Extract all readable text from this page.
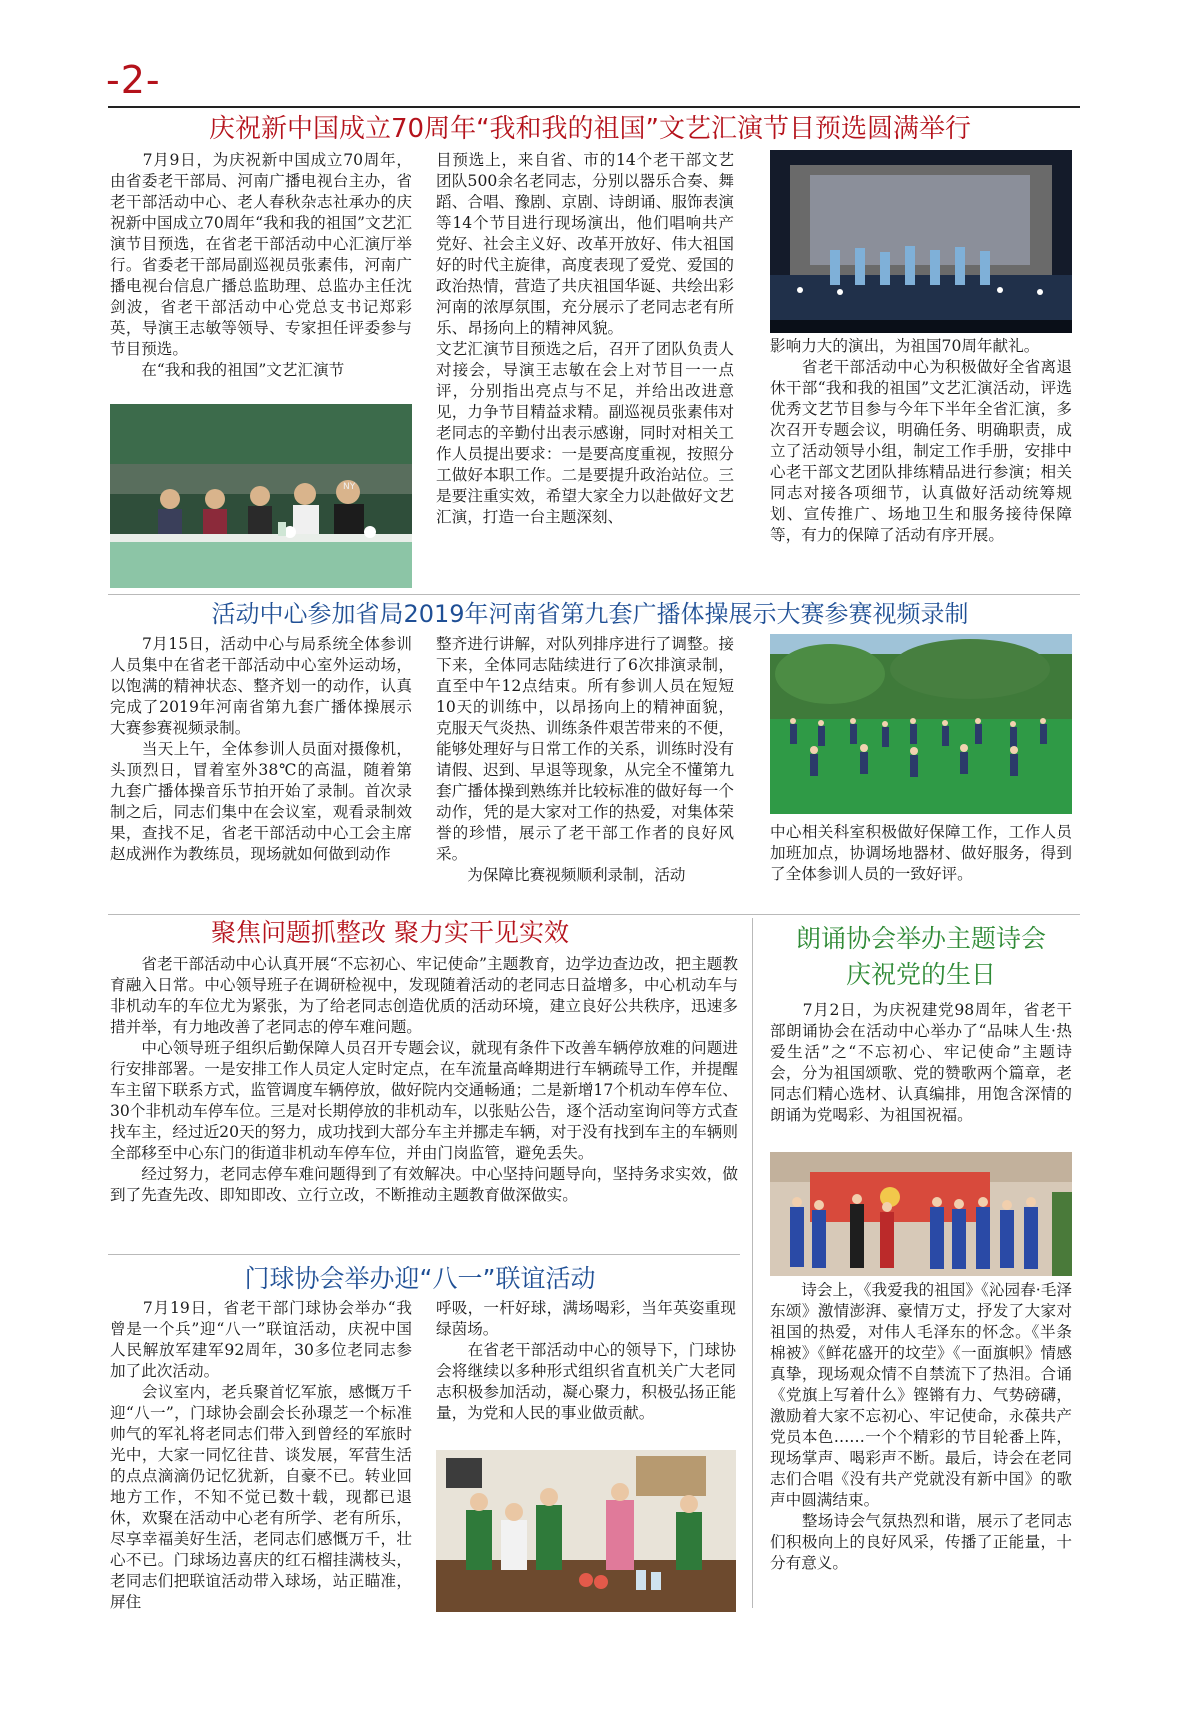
-2-
庆祝新中国成立70周年“我和我的祖国”文艺汇演节目预选圆满举行
　　7月9日，为庆祝新中国成立70周年，由省委老干部局、河南广播电视台主办，省老干部活动中心、老人春秋杂志社承办的庆祝新中国成立70周年“我和我的祖国”文艺汇演节目预选，在省老干部活动中心汇演厅举行。省委老干部局副巡视员张素伟，河南广播电视台信息广播总监助理、总监办主任沈剑波，省老干部活动中心党总支书记郑彩英，导演王志敏等领导、专家担任评委参与节目预选。
　　在“我和我的祖国”文艺汇演节
NY
目预选上，来自省、市的14个老干部文艺团队500余名老同志，分别以器乐合奏、舞蹈、合唱、豫剧、京剧、诗朗诵、服饰表演等14个节目进行现场演出，他们唱响共产党好、社会主义好、改革开放好、伟大祖国好的时代主旋律，高度表现了爱党、爱国的政治热情，营造了共庆祖国华诞、共绘出彩河南的浓厚氛围，充分展示了老同志老有所乐、昂扬向上的精神风貌。
文艺汇演节目预选之后，召开了团队负责人对接会，导演王志敏在会上对节目一一点评，分别指出亮点与不足，并给出改进意见，力争节目精益求精。副巡视员张素伟对老同志的辛勤付出表示感谢，同时对相关工作人员提出要求：一是要高度重视，按照分工做好本职工作。二是要提升政治站位。三是要注重实效，希望大家全力以赴做好文艺汇演，打造一台主题深刻、
影响力大的演出，为祖国70周年献礼。
　　省老干部活动中心为积极做好全省离退休干部“我和我的祖国”文艺汇演活动，评选优秀文艺节目参与今年下半年全省汇演，多次召开专题会议，明确任务、明确职责，成立了活动领导小组，制定工作手册，安排中心老干部文艺团队排练精品进行参演；相关同志对接各项细节，认真做好活动统筹规划、宣传推广、场地卫生和服务接待保障等，有力的保障了活动有序开展。
活动中心参加省局2019年河南省第九套广播体操展示大赛参赛视频录制
　　7月15日，活动中心与局系统全体参训人员集中在省老干部活动中心室外运动场，以饱满的精神状态、整齐划一的动作，认真完成了2019年河南省第九套广播体操展示大赛参赛视频录制。
　　当天上午，全体参训人员面对摄像机，头顶烈日，冒着室外38℃的高温，随着第九套广播体操音乐节拍开始了录制。首次录制之后，同志们集中在会议室，观看录制效果，查找不足，省老干部活动中心工会主席赵成洲作为教练员，现场就如何做到动作
整齐进行讲解，对队列排序进行了调整。接下来，全体同志陆续进行了6次排演录制，直至中午12点结束。所有参训人员在短短10天的训练中，以昂扬向上的精神面貌，克服天气炎热、训练条件艰苦带来的不便，能够处理好与日常工作的关系，训练时没有请假、迟到、早退等现象，从完全不懂第九套广播体操到熟练并比较标准的做好每一个动作，凭的是大家对工作的热爱，对集体荣誉的珍惜，展示了老干部工作者的良好风采。
　　为保障比赛视频顺利录制，活动
中心相关科室积极做好保障工作，工作人员加班加点，协调场地器材、做好服务，得到了全体参训人员的一致好评。
聚焦问题抓整改 聚力实干见实效
　　省老干部活动中心认真开展“不忘初心、牢记使命”主题教育，边学边查边改，把主题教育融入日常。中心领导班子在调研检视中，发现随着活动的老同志日益增多，中心机动车与非机动车的车位尤为紧张，为了给老同志创造优质的活动环境，建立良好公共秩序，迅速多措并举，有力地改善了老同志的停车难问题。
　　中心领导班子组织后勤保障人员召开专题会议，就现有条件下改善车辆停放难的问题进行安排部署。一是安排工作人员定人定时定点，在车流量高峰期进行车辆疏导工作，并提醒车主留下联系方式，监管调度车辆停放，做好院内交通畅通；二是新增17个机动车停车位、30个非机动车停车位。三是对长期停放的非机动车，以张贴公告，逐个活动室询问等方式查找车主，经过近20天的努力，成功找到大部分车主并挪走车辆，对于没有找到车主的车辆则全部移至中心东门的街道非机动车停车位，并由门岗监管，避免丢失。
　　经过努力，老同志停车难问题得到了有效解决。中心坚持问题导向，坚持务求实效，做到了先查先改、即知即改、立行立改，不断推动主题教育做深做实。
朗诵协会举办主题诗会
庆祝党的生日
　　7月2日，为庆祝建党98周年，省老干部朗诵协会在活动中心举办了“品味人生·热爱生活”之“不忘初心、牢记使命”主题诗会，分为祖国颂歌、党的赞歌两个篇章，老同志们精心选材、认真编排，用饱含深情的朗诵为党喝彩、为祖国祝福。
　　诗会上，《我爱我的祖国》《沁园春·毛泽东颂》激情澎湃、豪情万丈，抒发了大家对祖国的热爱，对伟人毛泽东的怀念。《半条棉被》《鲜花盛开的坟茔》《一面旗帜》情感真挚，现场观众情不自禁流下了热泪。合诵《党旗上写着什么》铿锵有力、气势磅礴，激励着大家不忘初心、牢记使命，永葆共产党员本色……一个个精彩的节目轮番上阵，现场掌声、喝彩声不断。最后，诗会在老同志们合唱《没有共产党就没有新中国》的歌声中圆满结束。
　　整场诗会气氛热烈和谐，展示了老同志们积极向上的良好风采，传播了正能量，十分有意义。
门球协会举办迎“八一”联谊活动
　　7月19日，省老干部门球协会举办“我曾是一个兵”迎“八一”联谊活动，庆祝中国人民解放军建军92周年，30多位老同志参加了此次活动。
　　会议室内，老兵聚首忆军旅，感慨万千迎“八一”，门球协会副会长孙璟芝一个标准帅气的军礼将老同志们带入到曾经的军旅时光中，大家一同忆往昔、谈发展，军营生活的点点滴滴仍记忆犹新，自豪不已。转业回地方工作，不知不觉已数十载，现都已退休，欢聚在活动中心老有所学、老有所乐，尽享幸福美好生活，老同志们感慨万千，壮心不已。门球场边喜庆的红石榴挂满枝头，老同志们把联谊活动带入球场，站正瞄准，屏住
呼吸，一杆好球，满场喝彩，当年英姿重现绿茵场。
　　在省老干部活动中心的领导下，门球协会将继续以多种形式组织省直机关广大老同志积极参加活动，凝心聚力，积极弘扬正能量，为党和人民的事业做贡献。
